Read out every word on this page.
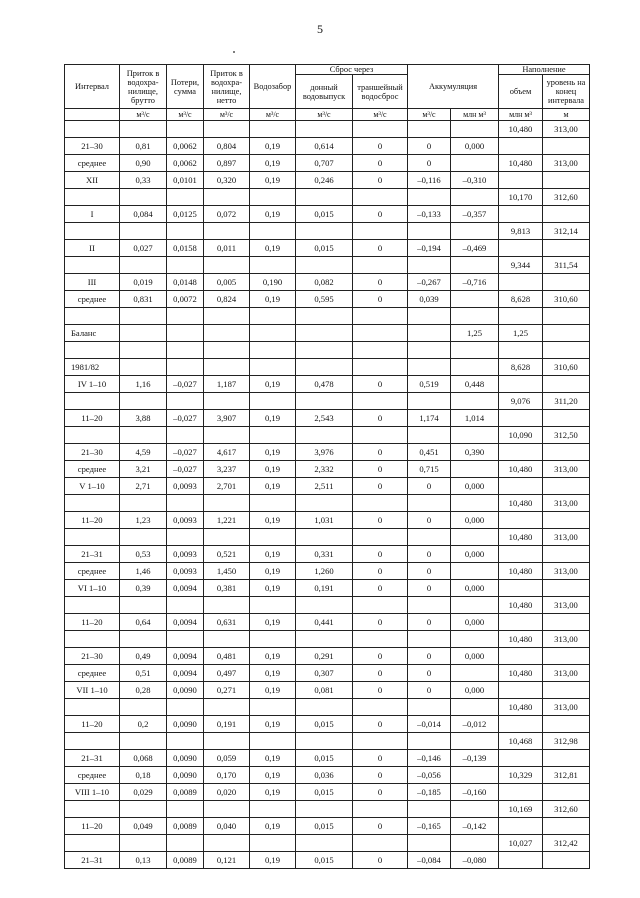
5
Интервал	Приток в водохра-нилище, брутто	Потери, сумма	Приток в водохра-нилище, нетто	Водозабор	Сброс через		Аккумуляция		Наполнение	
					донный водовыпуск	траншейный водосброс			объем	уровень на конец интервала
	м³/с	м³/с	м³/с	м³/с	м³/с	м³/с	м³/с	млн м³	млн м³	м
									10,480	313,00
21–30	0,81	0,0062	0,804	0,19	0,614	0	0	0,000		
среднее	0,90	0,0062	0,897	0,19	0,707	0	0		10,480	313,00
XII	0,33	0,0101	0,320	0,19	0,246	0	–0,116	–0,310		
									10,170	312,60
I	0,084	0,0125	0,072	0,19	0,015	0	–0,133	–0,357		
									9,813	312,14
II	0,027	0,0158	0,011	0,19	0,015	0	–0,194	–0,469		
									9,344	311,54
III	0,019	0,0148	0,005	0,190	0,082	0	–0,267	–0,716		
среднее	0,831	0,0072	0,824	0,19	0,595	0	0,039		8,628	310,60

Баланс								1,25	1,25	

1981/82									8,628	310,60
IV 1–10	1,16	–0,027	1,187	0,19	0,478	0	0,519	0,448		
									9,076	311,20
11–20	3,88	–0,027	3,907	0,19	2,543	0	1,174	1,014		
									10,090	312,50
21–30	4,59	–0,027	4,617	0,19	3,976	0	0,451	0,390		
среднее	3,21	–0,027	3,237	0,19	2,332	0	0,715		10,480	313,00
V 1–10	2,71	0,0093	2,701	0,19	2,511	0	0	0,000		
									10,480	313,00
11–20	1,23	0,0093	1,221	0,19	1,031	0	0	0,000		
									10,480	313,00
21–31	0,53	0,0093	0,521	0,19	0,331	0	0	0,000		
среднее	1,46	0,0093	1,450	0,19	1,260	0	0		10,480	313,00
VI 1–10	0,39	0,0094	0,381	0,19	0,191	0	0	0,000		
									10,480	313,00
11–20	0,64	0,0094	0,631	0,19	0,441	0	0	0,000		
									10,480	313,00
21–30	0,49	0,0094	0,481	0,19	0,291	0	0	0,000		
среднее	0,51	0,0094	0,497	0,19	0,307	0	0		10,480	313,00
VII 1–10	0,28	0,0090	0,271	0,19	0,081	0	0	0,000		
									10,480	313,00
11–20	0,2	0,0090	0,191	0,19	0,015	0	–0,014	–0,012		
									10,468	312,98
21–31	0,068	0,0090	0,059	0,19	0,015	0	–0,146	–0,139		
среднее	0,18	0,0090	0,170	0,19	0,036	0	–0,056		10,329	312,81
VIII 1–10	0,029	0,0089	0,020	0,19	0,015	0	–0,185	–0,160		
									10,169	312,60
11–20	0,049	0,0089	0,040	0,19	0,015	0	–0,165	–0,142		
									10,027	312,42
21–31	0,13	0,0089	0,121	0,19	0,015	0	–0,084	–0,080		
